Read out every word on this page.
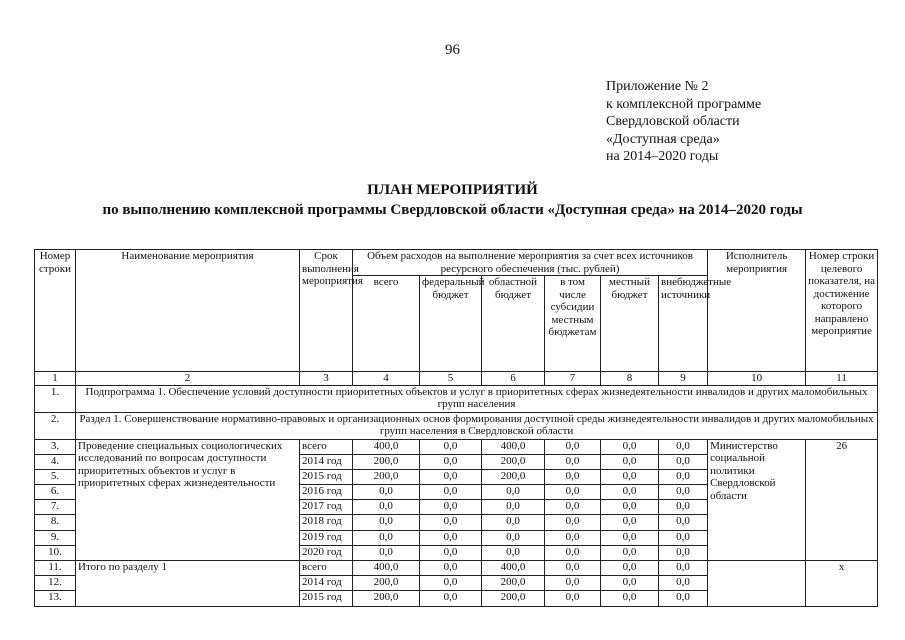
96
Приложение № 2
к комплексной программе
Свердловской области
«Доступная среда»
на 2014–2020 годы
ПЛАН МЕРОПРИЯТИЙ
по выполнению комплексной программы Свердловской области «Доступная среда» на 2014–2020 годы
Номер строки	Наименование мероприятия	Срок выполнения мероприятия	Объем расходов на выполнение мероприятия за счет всех источников ресурсного обеспечения (тыс. рублей)						Исполнитель мероприятия	Номер строки целевого показателя, на достижение которого направлено мероприятие
			всего	федеральный бюджет	областной бюджет	в том числе субсидии местным бюджетам	местный бюджет	внебюджетные источники		
1	2	3	4	5	6	7	8	9	10	11
1.	Подпрограмма 1. Обеспечение условий доступности приоритетных объектов и услуг в приоритетных сферах жизнедеятельности инвалидов и других маломобильных групп населения									
2.	Раздел 1. Совершенствование нормативно-правовых и организационных основ формирования доступной среды жизнедеятельности инвалидов и других маломобильных групп населения в Свердловской области									
3.	Проведение специальных социологических исследований по вопросам доступности приоритетных объектов и услуг в приоритетных сферах жизнедеятельности	всего	400,0	0,0	400,0	0,0	0,0	0,0	Министерство социальной политики Свердловской области	26
4.		2014 год	200,0	0,0	200,0	0,0	0,0	0,0		
5.		2015 год	200,0	0,0	200,0	0,0	0,0	0,0		
6.		2016 год	0,0	0,0	0,0	0,0	0,0	0,0		
7.		2017 год	0,0	0,0	0,0	0,0	0,0	0,0		
8.		2018 год	0,0	0,0	0,0	0,0	0,0	0,0		
9.		2019 год	0,0	0,0	0,0	0,0	0,0	0,0		
10.		2020 год	0,0	0,0	0,0	0,0	0,0	0,0		
11.	Итого по разделу 1	всего	400,0	0,0	400,0	0,0	0,0	0,0		x
12.		2014 год	200,0	0,0	200,0	0,0	0,0	0,0		
13.		2015 год	200,0	0,0	200,0	0,0	0,0	0,0		
